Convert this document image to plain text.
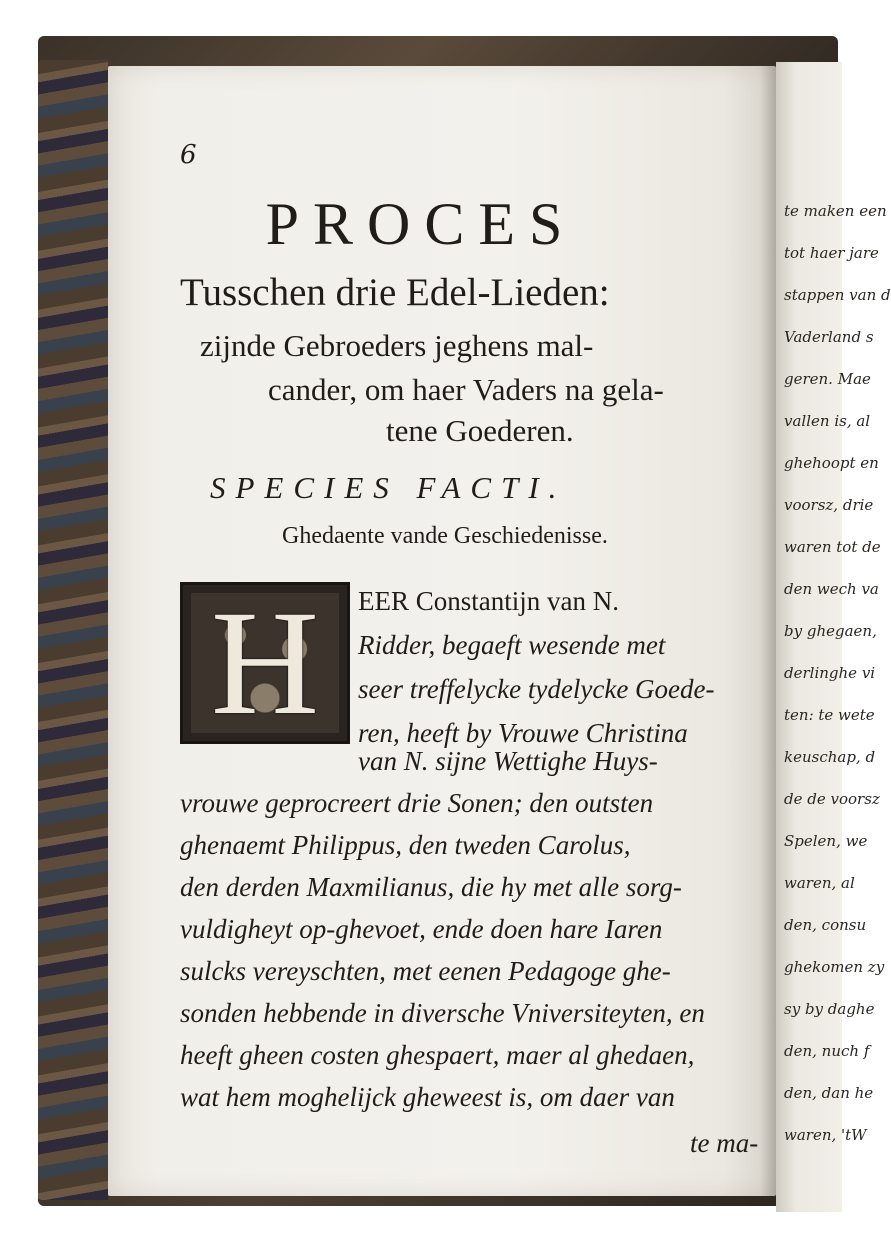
te maken een
tot haer jare
stappen van d
Vaderland s
geren. Mae
vallen is, al
ghehoopt en
voorsz, drie
waren tot de
den wech va
by ghegaen,
derlinghe vi
ten: te wete
keuschap, d
de de voorsz
Spelen, we
waren, al
den, consu
ghekomen zy
sy by daghe
den, nuch f
den, dan he
waren, 'tW
6
PROCES
Tusschen drie Edel-Lieden:
zijnde Gebroeders jeghens mal-
cander, om haer Vaders na gela-
tene Goederen.
SPECIES FACTI.
Ghedaente vande Geschiedenisse.
H	EER Constantijn van N.
Ridder, begaeft wesende met
seer treffelycke tydelycke Goede-
ren, heeft by Vrouwe Christina
van N. sijne Wettighe Huys-
vrouwe geprocreert drie Sonen; den outsten
ghenaemt Philippus, den tweden Carolus,
den derden Maxmilianus, die hy met alle sorg-
vuldigheyt op-ghevoet, ende doen hare Iaren
sulcks vereyschten, met eenen Pedagoge ghe-
sonden hebbende in diversche Vniversiteyten, en
heeft gheen costen ghespaert, maer al ghedaen,
wat hem moghelijck gheweest is, om daer van
te ma-
